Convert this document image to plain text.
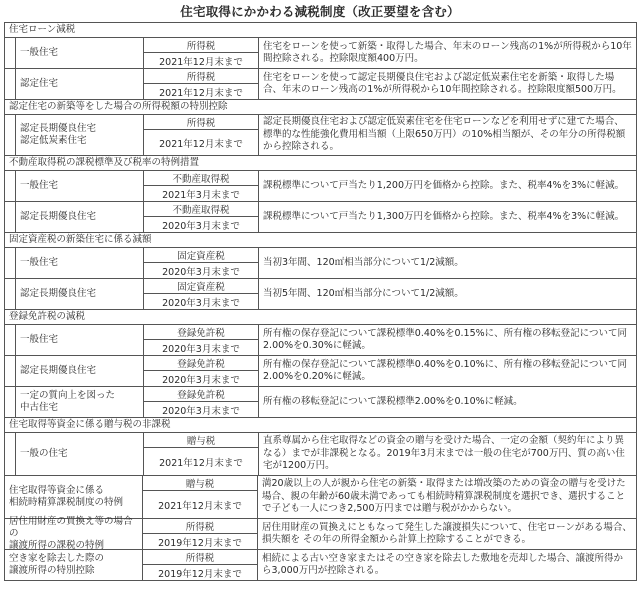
住宅取得にかかわる減税制度（改正要望を含む）
住宅ローン減税
一般住宅
所得税
2021年12月末まで
住宅をローンを使って新築・取得した場合、年末のローン残高の1%が所得税から10年間控除される。控除限度額400万円。
認定住宅
所得税
2021年12月末まで
住宅をローンを使って認定長期優良住宅および認定低炭素住宅を新築・取得した場合、年末のローン残高の1%が所得税から10年間控除される。控除限度額500万円。
認定住宅の新築等をした場合の所得税額の特別控除
認定長期優良住宅
認定低炭素住宅
所得税
2021年12月末まで
認定長期優良住宅および認定低炭素住宅を住宅ローンなどを利用せずに建てた場合、標準的な性能強化費用相当額（上限650万円）の10%相当額が、その年分の所得税額から控除される。
不動産取得税の課税標準及び税率の特例措置
一般住宅
不動産取得税
2021年3月末まで
課税標準について戸当たり1,200万円を価格から控除。また、税率4%を3%に軽減。
認定長期優良住宅
不動産取得税
2020年3月末まで
課税標準について戸当たり1,300万円を価格から控除。また、税率4%を3%に軽減。
固定資産税の新築住宅に係る減額
一般住宅
固定資産税
2020年3月末まで
当初3年間、120㎡相当部分について1/2減額。
認定長期優良住宅
固定資産税
2020年3月末まで
当初5年間、120㎡相当部分について1/2減額。
登録免許税の減税
一般住宅
登録免許税
2020年3月末まで
所有権の保存登記について課税標準0.40%を0.15%に、所有権の移転登記について同2.00%を0.30%に軽減。
認定長期優良住宅
登録免許税
2020年3月末まで
所有権の保存登記について課税標準0.40%を0.10%に、所有権の移転登記について同2.00%を0.20%に軽減。
一定の質向上を図った
中古住宅
登録免許税
2020年3月末まで
所有権の移転登記について課税標準2.00%を0.10%に軽減。
住宅取得等資金に係る贈与税の非課税
一般の住宅
贈与税
2021年12月末まで
直系尊属から住宅取得などの資金の贈与を受けた場合、一定の金額（契約年により異なる）までが非課税となる。2019年3月末までは一般の住宅が700万円、質の高い住宅が1200万円。
住宅取得等資金に係る
相続時精算課税制度の特例
贈与税
2021年12月末まで
満20歳以上の人が親から住宅の新築・取得または増改築のための資金の贈与を受けた場合、親の年齢が60歳未満であっても相続時精算課税制度を選択でき、選択することで子ども一人につき2,500万円までは贈与税がかからない。
居住用財産の買換え等の場合の
譲渡所得の課税の特例
所得税
2019年12月末まで
居住用財産の買換えにともなって発生した譲渡損失について、住宅ローンがある場合、損失額を その年の所得金額から計算上控除することができる。
空き家を除去した際の
譲渡所得の特別控除
所得税
2019年12月末まで
相続による古い空き家またはその空き家を除去した敷地を売却した場合、譲渡所得から3,000万円が控除される。
